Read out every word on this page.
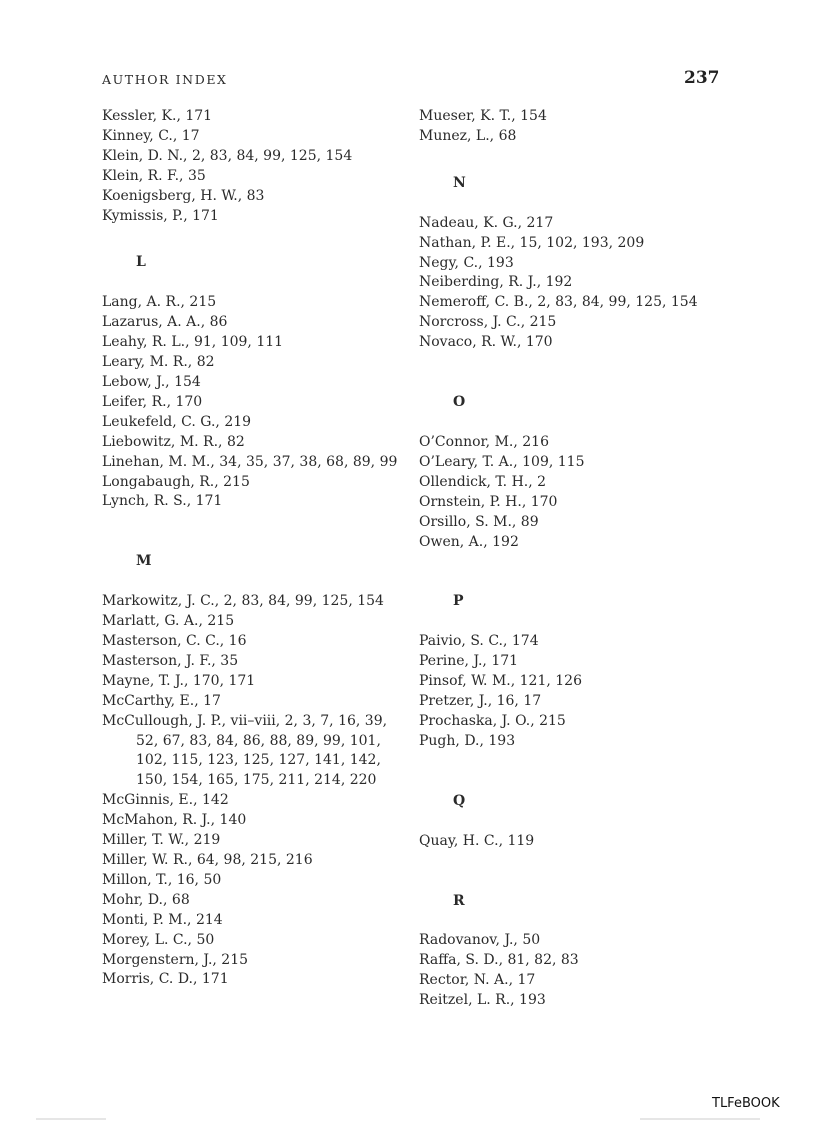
AUTHOR INDEX	237
Kessler, K., 171
Kinney, C., 17
Klein, D. N., 2, 83, 84, 99, 125, 154
Klein, R. F., 35
Koenigsberg, H. W., 83
Kymissis, P., 171
L
Lang, A. R., 215
Lazarus, A. A., 86
Leahy, R. L., 91, 109, 111
Leary, M. R., 82
Lebow, J., 154
Leifer, R., 170
Leukefeld, C. G., 219
Liebowitz, M. R., 82
Linehan, M. M., 34, 35, 37, 38, 68, 89, 99
Longabaugh, R., 215
Lynch, R. S., 171
M
Markowitz, J. C., 2, 83, 84, 99, 125, 154
Marlatt, G. A., 215
Masterson, C. C., 16
Masterson, J. F., 35
Mayne, T. J., 170, 171
McCarthy, E., 17
McCullough, J. P., vii–viii, 2, 3, 7, 16, 39, 52, 67, 83, 84, 86, 88, 89, 99, 101, 102, 115, 123, 125, 127, 141, 142, 150, 154, 165, 175, 211, 214, 220
McGinnis, E., 142
McMahon, R. J., 140
Miller, T. W., 219
Miller, W. R., 64, 98, 215, 216
Millon, T., 16, 50
Mohr, D., 68
Monti, P. M., 214
Morey, L. C., 50
Morgenstern, J., 215
Morris, C. D., 171
Mueser, K. T., 154
Munez, L., 68
N
Nadeau, K. G., 217
Nathan, P. E., 15, 102, 193, 209
Negy, C., 193
Neiberding, R. J., 192
Nemeroff, C. B., 2, 83, 84, 99, 125, 154
Norcross, J. C., 215
Novaco, R. W., 170
O
O’Connor, M., 216
O’Leary, T. A., 109, 115
Ollendick, T. H., 2
Ornstein, P. H., 170
Orsillo, S. M., 89
Owen, A., 192
P
Paivio, S. C., 174
Perine, J., 171
Pinsof, W. M., 121, 126
Pretzer, J., 16, 17
Prochaska, J. O., 215
Pugh, D., 193
Q
Quay, H. C., 119
R
Radovanov, J., 50
Raffa, S. D., 81, 82, 83
Rector, N. A., 17
Reitzel, L. R., 193
TLFeBOOK
